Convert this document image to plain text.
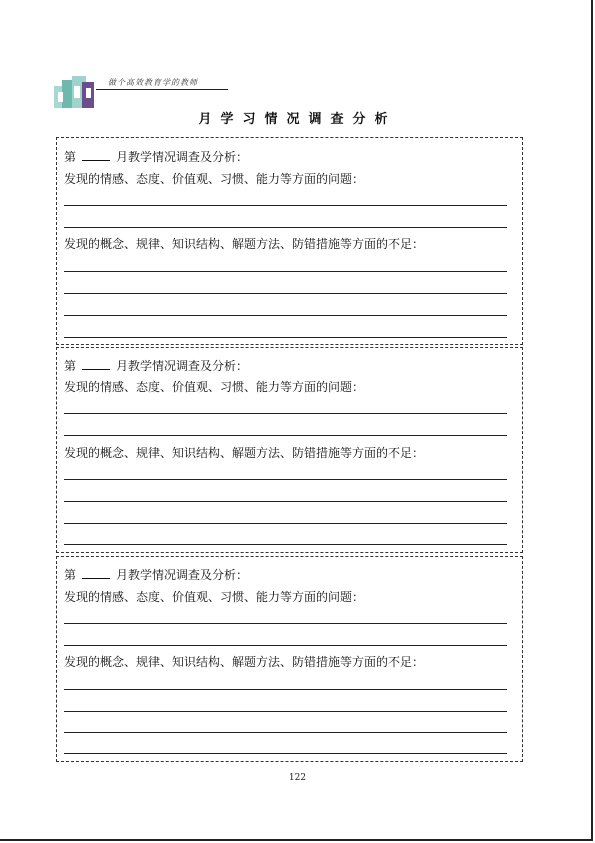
做个高效教育学的教师
月学习情况调查分析
第	月教学情况调查及分析：
发现的情感、态度、价值观、习惯、能力等方面的问题：
发现的概念、规律、知识结构、解题方法、防错措施等方面的不足：
第	月教学情况调查及分析：
发现的情感、态度、价值观、习惯、能力等方面的问题：
发现的概念、规律、知识结构、解题方法、防错措施等方面的不足：
第	月教学情况调查及分析：
发现的情感、态度、价值观、习惯、能力等方面的问题：
发现的概念、规律、知识结构、解题方法、防错措施等方面的不足：
122
